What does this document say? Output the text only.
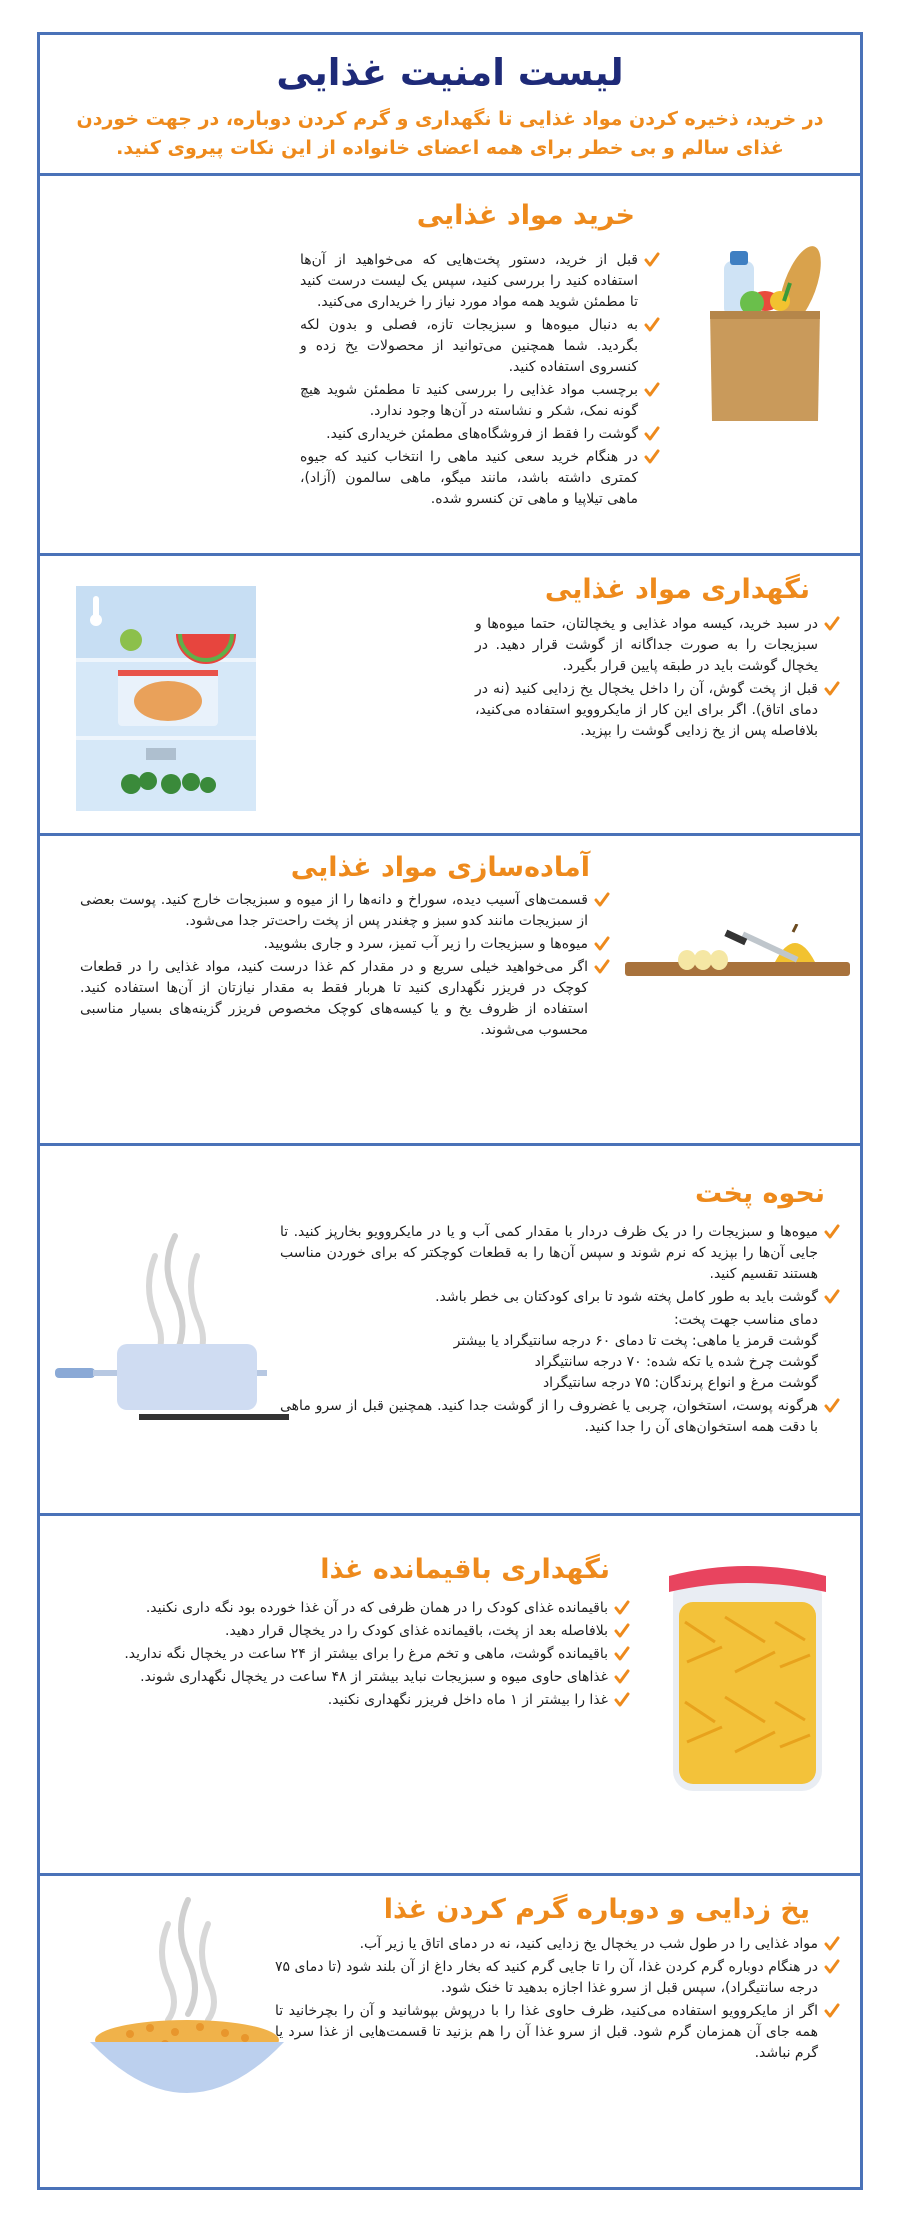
لیست امنیت غذایی
در خرید، ذخیره کردن مواد غذایی تا نگهداری و گرم کردن دوباره، در جهت خوردن غذای سالم و بی خطر برای همه اعضای خانواده از این نکات پیروی کنید.
خرید مواد غذایی
قبل از خرید، دستور پخت‌هایی که می‌خواهید از آن‌ها استفاده کنید را بررسی کنید، سپس یک لیست درست کنید تا مطمئن شوید همه مواد مورد نیاز را خریداری می‌کنید.
به دنبال میوه‌ها و سبزیجات تازه، فصلی و بدون لکه بگردید. شما همچنین می‌توانید از محصولات یخ زده و کنسروی استفاده کنید.
برچسب مواد غذایی را بررسی کنید تا مطمئن شوید هیچ گونه نمک، شکر و نشاسته در آن‌ها وجود ندارد.
گوشت را فقط از فروشگاه‌های مطمئن خریداری کنید.
در هنگام خرید سعی کنید ماهی را انتخاب کنید که جیوه کمتری داشته باشد، مانند میگو، ماهی سالمون (آزاد)، ماهی تیلاپیا و ماهی تن کنسرو شده.
نگهداری مواد غذایی
در سبد خرید، کیسه مواد غذایی و یخچالتان، حتما میوه‌ها و سبزیجات را به صورت جداگانه از گوشت قرار دهید. در یخچال گوشت باید در طبقه پایین قرار بگیرد.
قبل از پخت گوش، آن را داخل یخچال یخ زدایی کنید (نه در دمای اتاق). اگر برای این کار از مایکروویو استفاده می‌کنید، بلافاصله پس از یخ زدایی گوشت را بپزید.
آماده‌سازی مواد غذایی
قسمت‌های آسیب دیده، سوراخ و دانه‌ها را از میوه و سبزیجات خارج کنید. پوست بعضی از سبزیجات مانند کدو سبز و چغندر پس از پخت راحت‌تر جدا می‌شود.
میوه‌ها و سبزیجات را زیر آب تمیز، سرد و جاری بشویید.
اگر می‌خواهید خیلی سریع و در مقدار کم غذا درست کنید، مواد غذایی را در قطعات کوچک در فریزر نگهداری کنید تا هربار فقط به مقدار نیازتان از آن‌ها استفاده کنید. استفاده از ظروف یخ و یا کیسه‌های کوچک مخصوص فریزر گزینه‌های بسیار مناسبی محسوب می‌شوند.
نحوه پخت
میوه‌ها و سبزیجات را در یک ظرف دردار با مقدار کمی آب و یا در مایکروویو بخارپز کنید. تا جایی آن‌ها را بپزید که نرم شوند و سپس آن‌ها را به قطعات کوچکتر که برای خوردن مناسب هستند تقسیم کنید.
گوشت باید به طور کامل پخته شود تا برای کودکتان بی خطر باشد.
دمای مناسب جهت پخت:
گوشت قرمز یا ماهی: پخت تا دمای ۶۰ درجه سانتیگراد یا بیشتر
گوشت چرخ شده یا تکه شده: ۷۰ درجه سانتیگراد
گوشت مرغ و انواع پرندگان: ۷۵ درجه سانتیگراد
هرگونه پوست، استخوان، چربی یا غضروف را از گوشت جدا کنید. همچنین قبل از سرو ماهی با دقت همه استخوان‌های آن را جدا کنید.
نگهداری باقیمانده غذا
باقیمانده غذای کودک را در همان ظرفی که در آن غذا خورده بود نگه داری نکنید.
بلافاصله بعد از پخت، باقیمانده غذای کودک را در یخچال قرار دهید.
باقیمانده گوشت، ماهی و تخم مرغ را برای بیشتر از ۲۴ ساعت در یخچال نگه ندارید.
غذاهای حاوی میوه و سبزیجات نباید بیشتر از ۴۸ ساعت در یخچال نگهداری شوند.
غذا را بیشتر از ۱ ماه داخل فریزر نگهداری نکنید.
یخ زدایی و دوباره گرم کردن غذا
مواد غذایی را در طول شب در یخچال یخ زدایی کنید، نه در دمای اتاق یا زیر آب.
در هنگام دوباره گرم کردن غذا، آن را تا جایی گرم کنید که بخار داغ از آن بلند شود (تا دمای ۷۵ درجه سانتیگراد)، سپس قبل از سرو غذا اجازه بدهید تا خنک شود.
اگر از مایکروویو استفاده می‌کنید، ظرف حاوی غذا را با درپوش بپوشانید و آن را بچرخانید تا همه جای آن همزمان گرم شود. قبل از سرو غذا آن را هم بزنید تا قسمت‌هایی از غذا سرد یا گرم نباشد.
